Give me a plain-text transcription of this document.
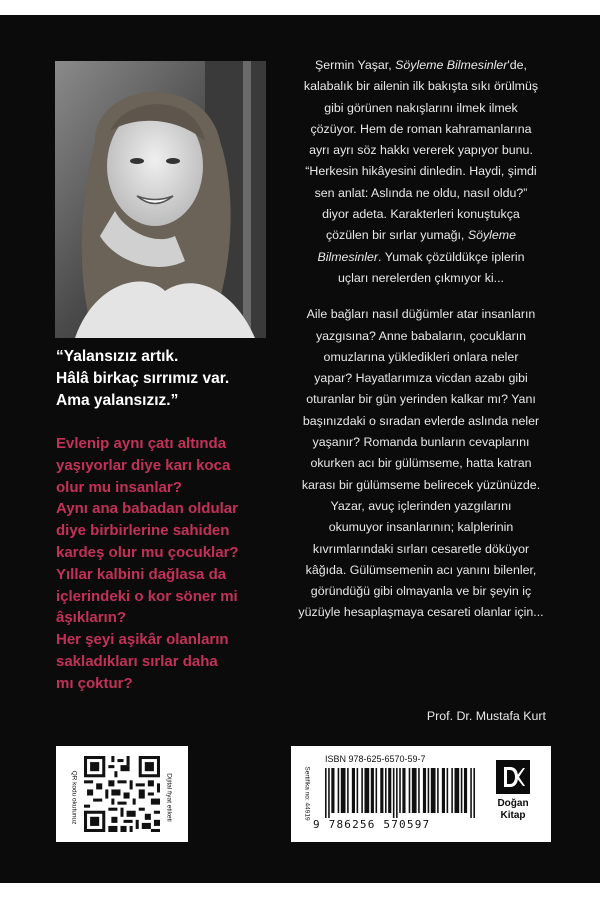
“Yalansızız artık.
Hâlâ birkaç sırrımız var.
Ama yalansızız.”
Evlenip aynı çatı altında
yaşıyorlar diye karı koca
olur mu insanlar?
Aynı ana babadan oldular
diye birbirlerine sahiden
kardeş olur mu çocuklar?
Yıllar kalbini dağlasa da
içlerindeki o kor söner mi
âşıkların?
Her şeyi aşikâr olanların
sakladıkları sırlar daha
mı çoktur?
Şermin Yaşar, Söyleme Bilmesinler'de,
kalabalık bir ailenin ilk bakışta sıkı örülmüş
gibi görünen nakışlarını ilmek ilmek
çözüyor. Hem de roman kahramanlarına
ayrı ayrı söz hakkı vererek yapıyor bunu.
“Herkesin hikâyesini dinledin. Haydi, şimdi
sen anlat: Aslında ne oldu, nasıl oldu?”
diyor adeta. Karakterleri konuştukça
çözülen bir sırlar yumağı, Söyleme
Bilmesinler. Yumak çözüldükçe iplerin
uçları nerelerden çıkmıyor ki...
Aile bağları nasıl düğümler atar insanların
yazgısına? Anne babaların, çocukların
omuzlarına yükledikleri onlara neler
yapar? Hayatlarımıza vicdan azabı gibi
oturanlar bir gün yerinden kalkar mı? Yanı
başınızdaki o sıradan evlerde aslında neler
yaşanır? Romanda bunların cevaplarını
okurken acı bir gülümseme, hatta katran
karası bir gülümseme belirecek yüzünüzde.
Yazar, avuç içlerinden yazgılarını
okumuyor insanlarının; kalplerinin
kıvrımlarındaki sırları cesaretle döküyor
kâğıda. Gülümsemenin acı yanını bilenler,
göründüğü gibi olmayanla ve bir şeyin iç
yüzüyle hesaplaşmaya cesareti olanlar için...
Prof. Dr. Mustafa Kurt
QR kodu okutunuz	Dijital fiyat etiketi	Sertifika no: 44919
ISBN 978-625-6570-59-7
9 786256 570597
Doğan
Kitap
